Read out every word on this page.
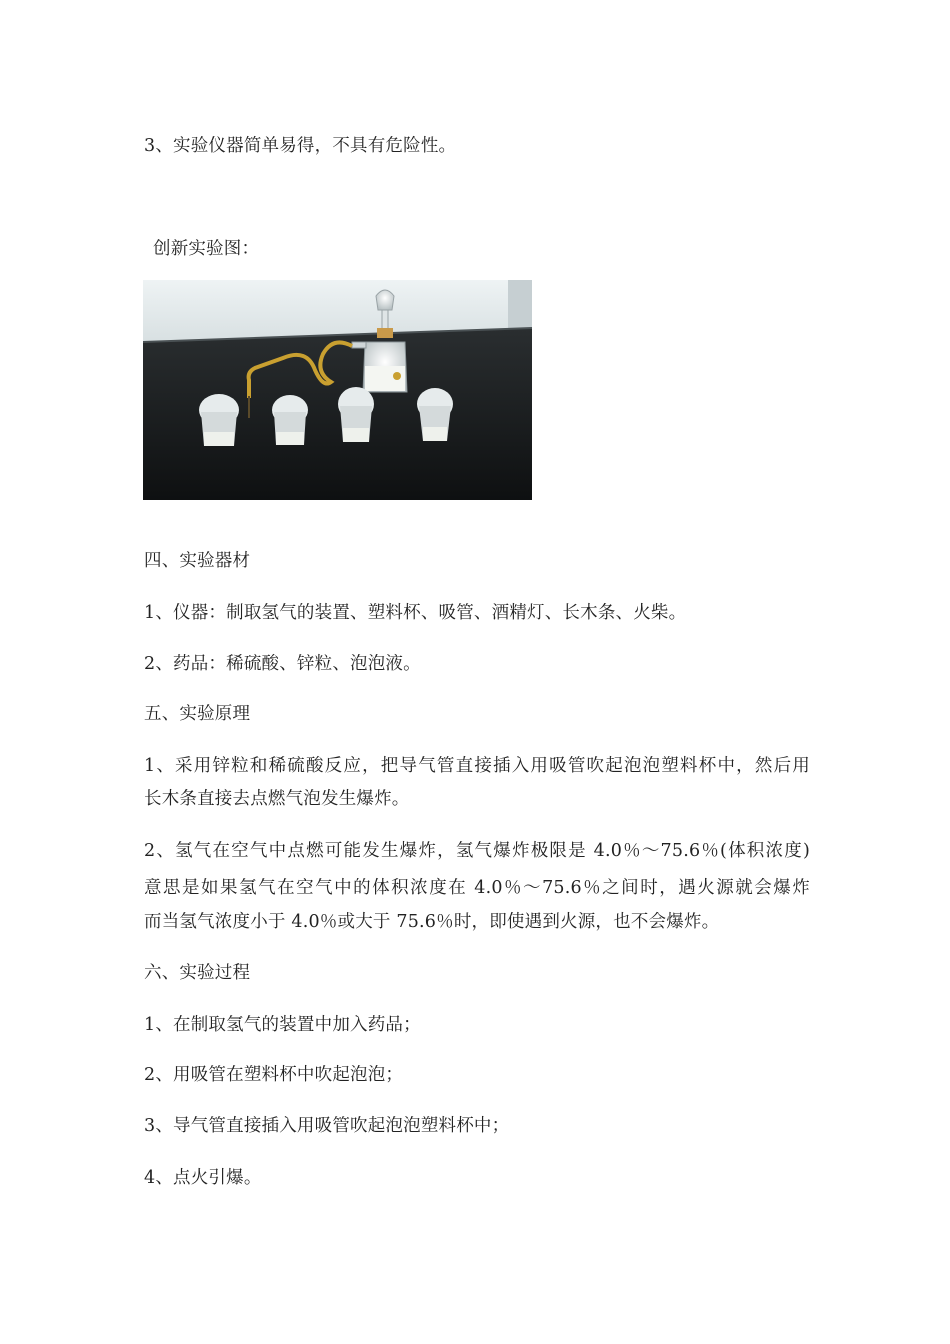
3、实验仪器简单易得，不具有危险性。
创新实验图：
四、实验器材
1、仪器：制取氢气的装置、塑料杯、吸管、酒精灯、长木条、火柴。
2、药品：稀硫酸、锌粒、泡泡液。
五、实验原理
1、采用锌粒和稀硫酸反应，把导气管直接插入用吸管吹起泡泡塑料杯中，然后用
长木条直接去点燃气泡发生爆炸。
2、氢气在空气中点燃可能发生爆炸，氢气爆炸极限是 4.0％～75.6％(体积浓度)
意思是如果氢气在空气中的体积浓度在 4.0％～75.6％之间时，遇火源就会爆炸
而当氢气浓度小于 4.0％或大于 75.6％时，即使遇到火源，也不会爆炸。
六、实验过程
1、在制取氢气的装置中加入药品；
2、用吸管在塑料杯中吹起泡泡；
3、导气管直接插入用吸管吹起泡泡塑料杯中；
4、点火引爆。
